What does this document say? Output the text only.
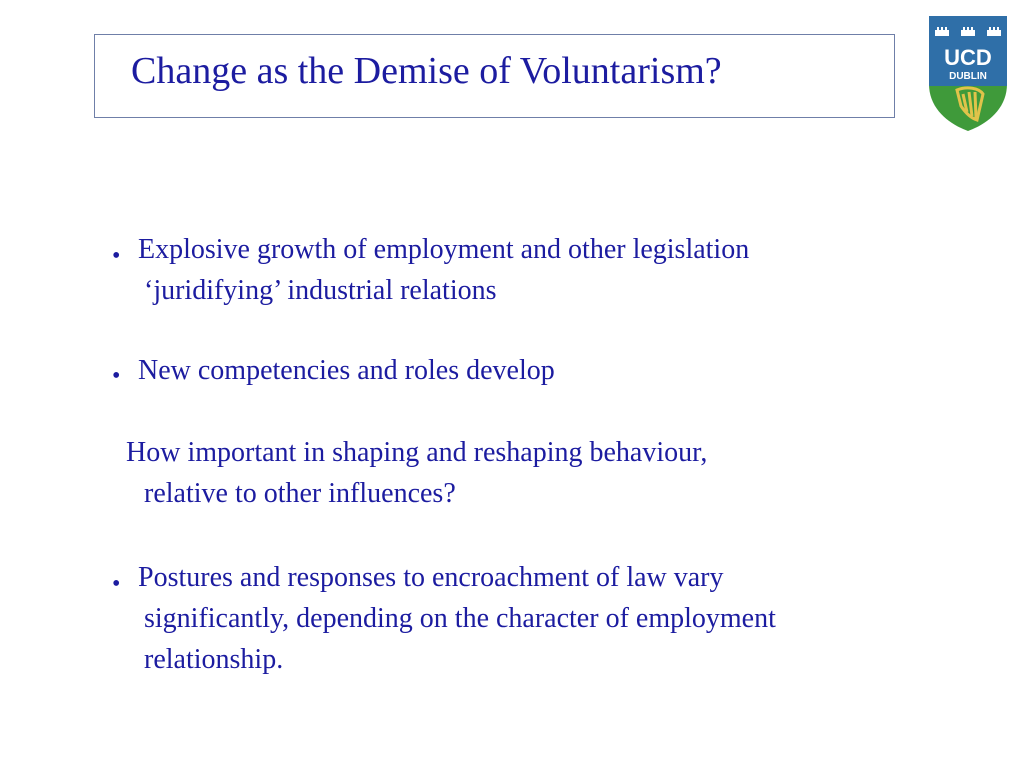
Change as the Demise of Voluntarism?	UCD
DUBLIN
• Explosive growth of employment and other legislation
‘juridifying’ industrial relations
• New competencies and roles develop
How important in shaping and reshaping behaviour,
relative to other influences?
• Postures and responses to encroachment of law vary
significantly, depending on the character of employment
relationship.
